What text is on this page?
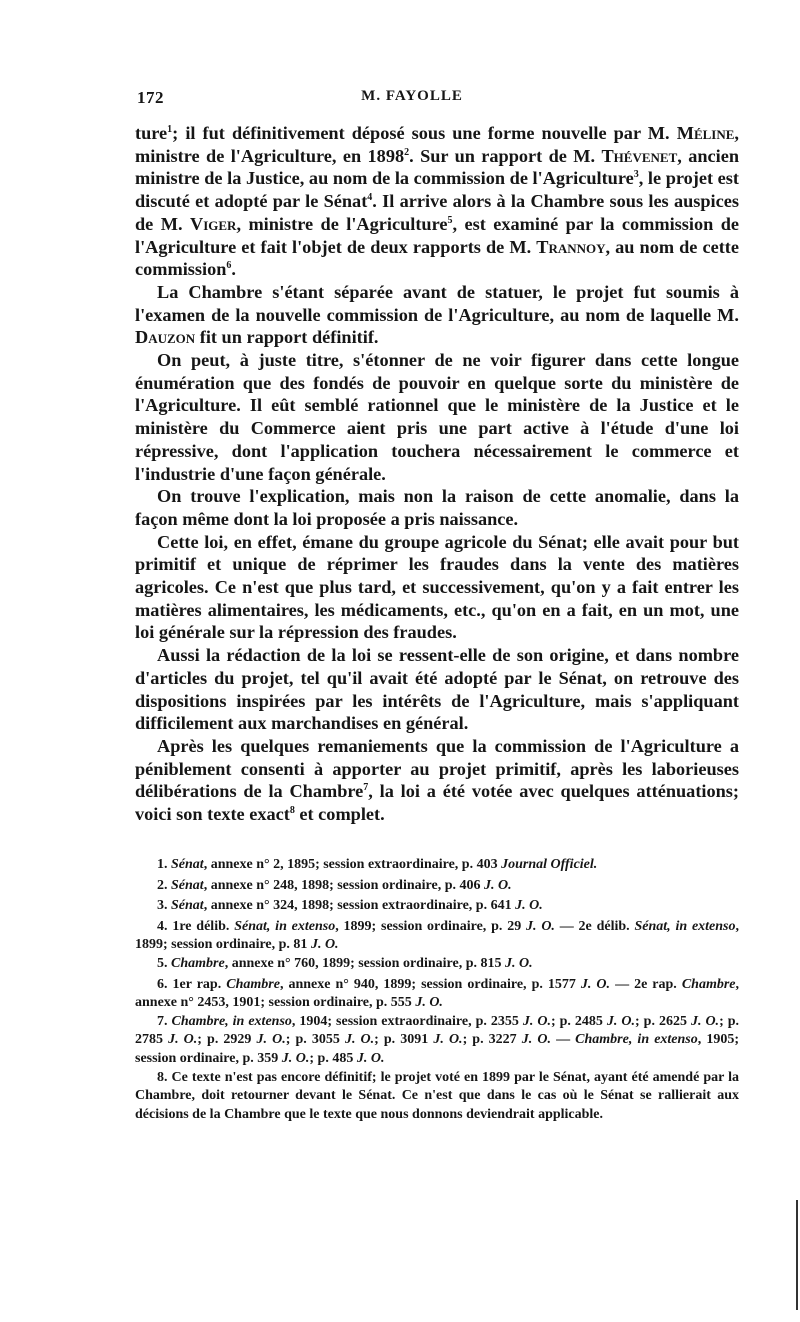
172	M. FAYOLLE

ture$^1$; il fut définitivement déposé sous une forme nouvelle par M. Méline, ministre de l'Agriculture, en 1898$^2$. Sur un rapport de M. Thévenet, ancien ministre de la Justice, au nom de la commission de l'Agriculture$^3$, le projet est discuté et adopté par le Sénat$^4$. Il arrive alors à la Chambre sous les auspices de M. Viger, ministre de l'Agriculture$^5$, est examiné par la commission de l'Agriculture et fait l'objet de deux rapports de M. Trannoy, au nom de cette commission$^6$.

La Chambre s'étant séparée avant de statuer, le projet fut soumis à l'examen de la nouvelle commission de l'Agriculture, au nom de laquelle M. Dauzon fit un rapport définitif.

On peut, à juste titre, s'étonner de ne voir figurer dans cette longue énumération que des fondés de pouvoir en quelque sorte du ministère de l'Agriculture. Il eût semblé rationnel que le ministère de la Justice et le ministère du Commerce aient pris une part active à l'étude d'une loi répressive, dont l'application touchera nécessairement le commerce et l'industrie d'une façon générale.

On trouve l'explication, mais non la raison de cette anomalie, dans la façon même dont la loi proposée a pris naissance.

Cette loi, en effet, émane du groupe agricole du Sénat; elle avait pour but primitif et unique de réprimer les fraudes dans la vente des matières agricoles. Ce n'est que plus tard, et successivement, qu'on y a fait entrer les matières alimentaires, les médicaments, etc., qu'on en a fait, en un mot, une loi générale sur la répression des fraudes.

Aussi la rédaction de la loi se ressent-elle de son origine, et dans nombre d'articles du projet, tel qu'il avait été adopté par le Sénat, on retrouve des dispositions inspirées par les intérêts de l'Agriculture, mais s'appliquant difficilement aux marchandises en général.

Après les quelques remaniements que la commission de l'Agriculture a péniblement consenti à apporter au projet primitif, après les laborieuses délibérations de la Chambre$^7$, la loi a été votée avec quelques atténuations; voici son texte exact$^8$ et complet.

1. Sénat, annexe n° 2, 1895; session extraordinaire, p. 403 Journal Officiel.

2. Sénat, annexe n° 248, 1898; session ordinaire, p. 406 J. O.

3. Sénat, annexe n° 324, 1898; session extraordinaire, p. 641 J. O.

4. 1re délib. Sénat, in extenso, 1899; session ordinaire, p. 29 J. O. — 2e délib. Sénat, in extenso, 1899; session ordinaire, p. 81 J. O.

5. Chambre, annexe n° 760, 1899; session ordinaire, p. 815 J. O.

6. 1er rap. Chambre, annexe n° 940, 1899; session ordinaire, p. 1577 J. O. — 2e rap. Chambre, annexe n° 2453, 1901; session ordinaire, p. 555 J. O.

7. Chambre, in extenso, 1904; session extraordinaire, p. 2355 J. O.; p. 2485 J. O.; p. 2625 J. O.; p. 2785 J. O.; p. 2929 J. O.; p. 3055 J. O.; p. 3091 J. O.; p. 3227 J. O. — Chambre, in extenso, 1905; session ordinaire, p. 359 J. O.; p. 485 J. O.

8. Ce texte n'est pas encore définitif; le projet voté en 1899 par le Sénat, ayant été amendé par la Chambre, doit retourner devant le Sénat. Ce n'est que dans le cas où le Sénat se rallierait aux décisions de la Chambre que le texte que nous donnons deviendrait applicable.
